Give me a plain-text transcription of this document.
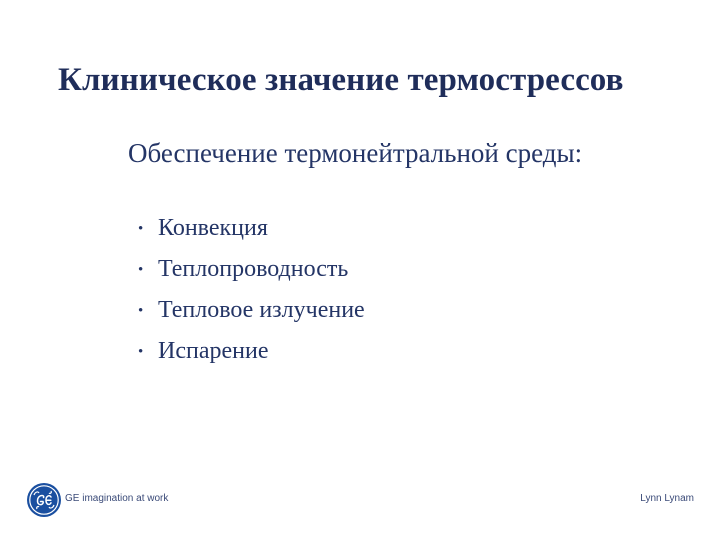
Клиническое значение термострессов
Обеспечение термонейтральной среды:
• Конвекция
• Теплопроводность
• Тепловое излучение
• Испарение
GE imagination at work	Lynn Lynam
